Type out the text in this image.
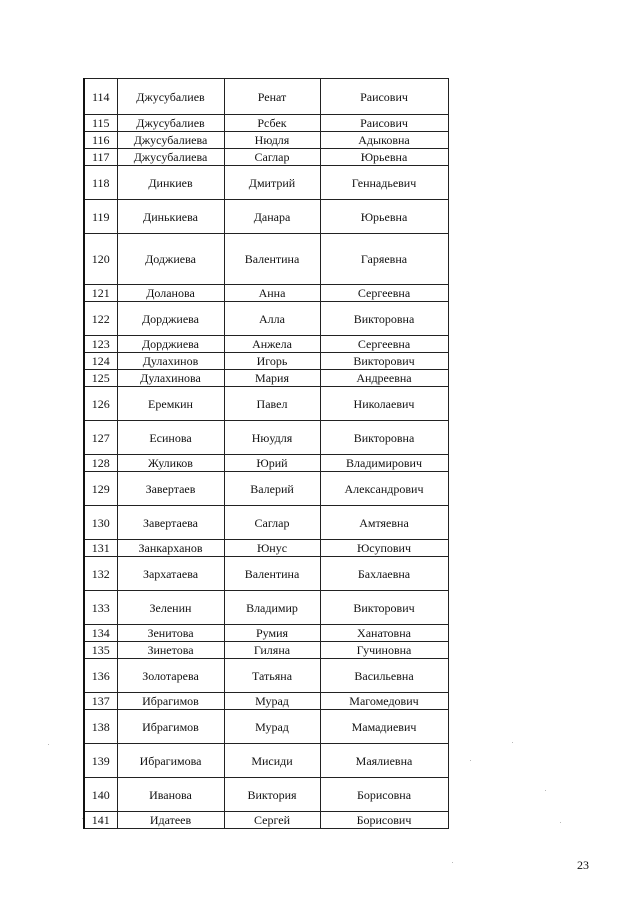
114	Джусубалиев	Ренат	Раисович
115	Джусубалиев	Рсбек	Раисович
116	Джусубалиева	Нюдля	Адыковна
117	Джусубалиева	Саглар	Юрьевна
118	Динкиев	Дмитрий	Геннадьевич
119	Динькиева	Данара	Юрьевна
120	Доджиева	Валентина	Гаряевна
121	Доланова	Анна	Сергеевна
122	Дорджиева	Алла	Викторовна
123	Дорджиева	Анжела	Сергеевна
124	Дулахинов	Игорь	Викторович
125	Дулахинова	Мария	Андреевна
126	Еремкин	Павел	Николаевич
127	Есинова	Нюудля	Викторовна
128	Жуликов	Юрий	Владимирович
129	Завертаев	Валерий	Александрович
130	Завертаева	Саглар	Амтяевна
131	Занкарханов	Юнус	Юсупович
132	Зархатаева	Валентина	Бахлаевна
133	Зеленин	Владимир	Викторович
134	Зенитова	Румия	Ханатовна
135	Зинетова	Гиляна	Гучиновна
136	Золотарева	Татьяна	Васильевна
137	Ибрагимов	Мурад	Магомедович
138	Ибрагимов	Мурад	Мамадиевич
139	Ибрагимова	Мисиди	Маялиевна
140	Иванова	Виктория	Борисовна
141	Идатеев	Сергей	Борисович
23
